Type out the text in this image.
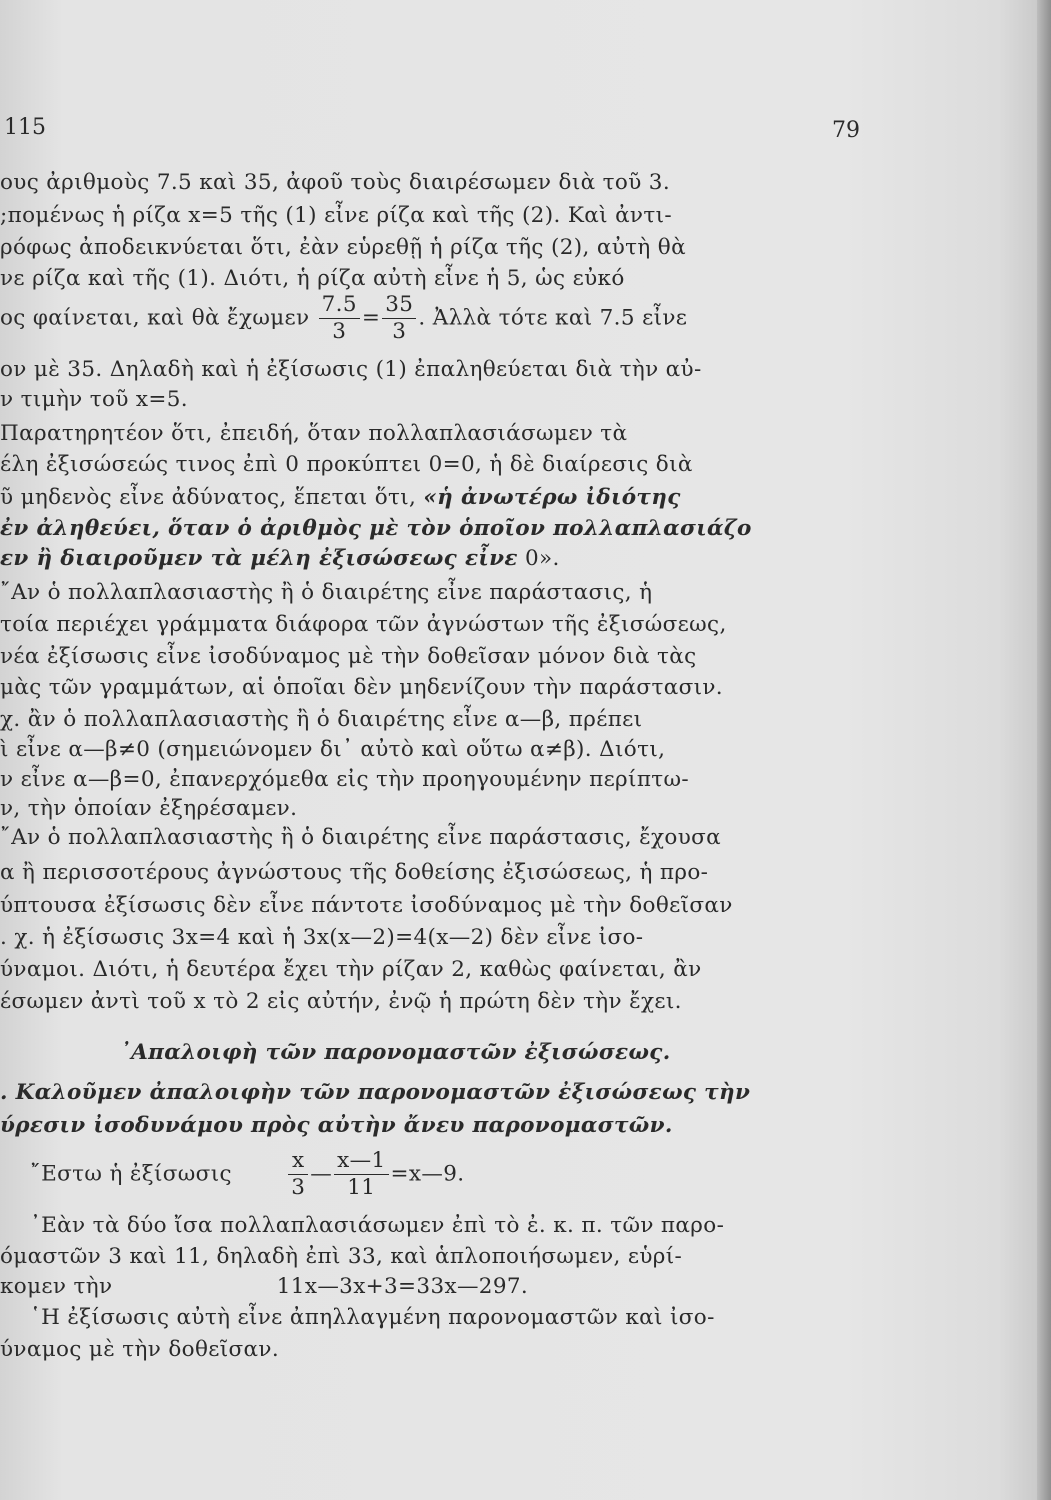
115	79
ους ἀριθμοὺς 7.5 καὶ 35, ἀφοῦ τοὺς διαιρέσωμεν διὰ τοῦ 3.
;πομένως ἡ ρίζα x=5 τῆς (1) εἶνε ρίζα καὶ τῆς (2). Καὶ ἀντι-
ρόφως ἀποδεικνύεται ὅτι, ἐὰν εὑρεθῇ ἡ ρίζα τῆς (2), αὐτὴ θὰ
νε ρίζα καὶ τῆς (1). Διότι, ἡ ρίζα αὐτὴ εἶνε ἡ 5, ὡς εὐκό
ος φαίνεται, καὶ θὰ ἔχωμεν $\frac{7.5}{3} = \frac{35}{3}$ . Ἀλλὰ τότε καὶ 7.5 εἶνε
ον μὲ 35. Δηλαδὴ καὶ ἡ ἐξίσωσις (1) ἐπαληθεύεται διὰ τὴν αὐ-
ν τιμὴν τοῦ x=5.
Παρατηρητέον ὅτι, ἐπειδή, ὅταν πολλαπλασιάσωμεν τὰ
έλη ἐξισώσεώς τινος ἐπὶ 0 προκύπτει 0=0, ἡ δὲ διαίρεσις διὰ
ῦ μηδενὸς εἶνε ἀδύνατος, ἕπεται ὅτι, «ἡ ἀνωτέρω ἰδιότης
ἐν ἀληθεύει, ὅταν ὁ ἀριθμὸς μὲ τὸν ὁποῖον πολλαπλασιάζο
εν ἢ διαιροῦμεν τὰ μέλη ἐξισώσεως εἶνε 0».
῎Αν ὁ πολλαπλασιαστὴς ἢ ὁ διαιρέτης εἶνε παράστασις, ἡ
τοία περιέχει γράμματα διάφορα τῶν ἀγνώστων τῆς ἐξισώσεως,
νέα ἐξίσωσις εἶνε ἰσοδύναμος μὲ τὴν δοθεῖσαν μόνον διὰ τὰς
μὰς τῶν γραμμάτων, αἱ ὁποῖαι δὲν μηδενίζουν τὴν παράστασιν.
χ. ἂν ὁ πολλαπλασιαστὴς ἢ ὁ διαιρέτης εἶνε α—β, πρέπει
ὶ εἶνε α—β≠0 (σημειώνομεν δι᾽ αὐτὸ καὶ οὕτω α≠β). Διότι,
ν εἶνε α—β=0, ἐπανερχόμεθα εἰς τὴν προηγουμένην περίπτω-
ν, τὴν ὁποίαν ἐξηρέσαμεν.
῎Αν ὁ πολλαπλασιαστὴς ἢ ὁ διαιρέτης εἶνε παράστασις, ἔχουσα
α ἢ περισσοτέρους ἀγνώστους τῆς δοθείσης ἐξισώσεως, ἡ προ-
ύπτουσα ἐξίσωσις δὲν εἶνε πάντοτε ἰσοδύναμος μὲ τὴν δοθεῖσαν
. χ. ἡ ἐξίσωσις 3x=4 καὶ ἡ 3x(x—2)=4(x—2) δὲν εἶνε ἰσο-
ύναμοι. Διότι, ἡ δευτέρα ἔχει τὴν ρίζαν 2, καθὼς φαίνεται, ἂν
έσωμεν ἀντὶ τοῦ x τὸ 2 εἰς αὐτήν, ἐνῷ ἡ πρώτη δὲν τὴν ἔχει.
᾽Απαλοιφὴ τῶν παρονομαστῶν ἐξισώσεως.
. Καλοῦμεν ἀπαλοιφὴν τῶν παρονομαστῶν ἐξισώσεως τὴν
ύρεσιν ἰσοδυνάμου πρὸς αὐτὴν ἄνευ παρονομαστῶν.
῎Εστω ἡ ἐξίσωσις	$\frac{x}{3}$ — $\frac{x—1}{11}$ =x—9.
᾽Εὰν τὰ δύο ἴσα πολλαπλασιάσωμεν ἐπὶ τὸ ἐ. κ. π. τῶν παρο-
όμαστῶν 3 καὶ 11, δηλαδὴ ἐπὶ 33, καὶ ἁπλοποιήσωμεν, εὑρί-
κομεν τὴν	11x—3x+3=33x—297.
῾Η ἐξίσωσις αὐτὴ εἶνε ἀπηλλαγμένη παρονομαστῶν καὶ ἰσο-
ύναμος μὲ τὴν δοθεῖσαν.
